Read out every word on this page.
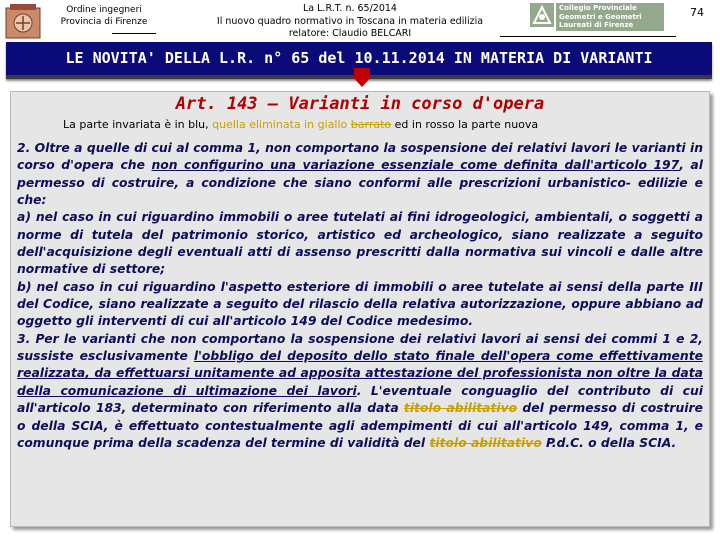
Ordine ingegneri
Provincia di Firenze
La L.R.T. n. 65/2014
Il nuovo quadro normativo in Toscana in materia edilizia
relatore: Claudio BELCARI
Collegio Provinciale Geometri e Geometri Laureati di Firenze
74
LE NOVITA' DELLA L.R. n° 65 del 10.11.2014 IN MATERIA DI VARIANTI
Art. 143 – Varianti in corso d'opera
La parte invariata è in blu, quella eliminata in giallo barrato ed in rosso la parte nuova

2. Oltre a quelle di cui al comma 1, non comportano la sospensione dei relativi lavori le varianti in corso d'opera che non configurino una variazione essenziale come definita dall'articolo 197, al permesso di costruire, a condizione che siano conformi alle prescrizioni urbanistico- edilizie e che:

a) nel caso in cui riguardino immobili o aree tutelati ai fini idrogeologici, ambientali, o soggetti a norme di tutela del patrimonio storico, artistico ed archeologico, siano realizzate a seguito dell'acquisizione degli eventuali atti di assenso prescritti dalla normativa sui vincoli e dalle altre normative di settore;

b) nel caso in cui riguardino l'aspetto esteriore di immobili o aree tutelate ai sensi della parte III del Codice, siano realizzate a seguito del rilascio della relativa autorizzazione, oppure abbiano ad oggetto gli interventi di cui all'articolo 149 del Codice medesimo.

3. Per le varianti che non comportano la sospensione dei relativi lavori ai sensi dei commi 1 e 2, sussiste esclusivamente l'obbligo del deposito dello stato finale dell'opera come effettivamente realizzata, da effettuarsi unitamente ad apposita attestazione del professionista non oltre la data della comunicazione di ultimazione dei lavori. L'eventuale conguaglio del contributo di cui all'articolo 183, determinato con riferimento alla data titolo abilitativo del permesso di costruire o della SCIA, è effettuato contestualmente agli adempimenti di cui all'articolo 149, comma 1, e comunque prima della scadenza del termine di validità del titolo abilitativo P.d.C. o della SCIA.
